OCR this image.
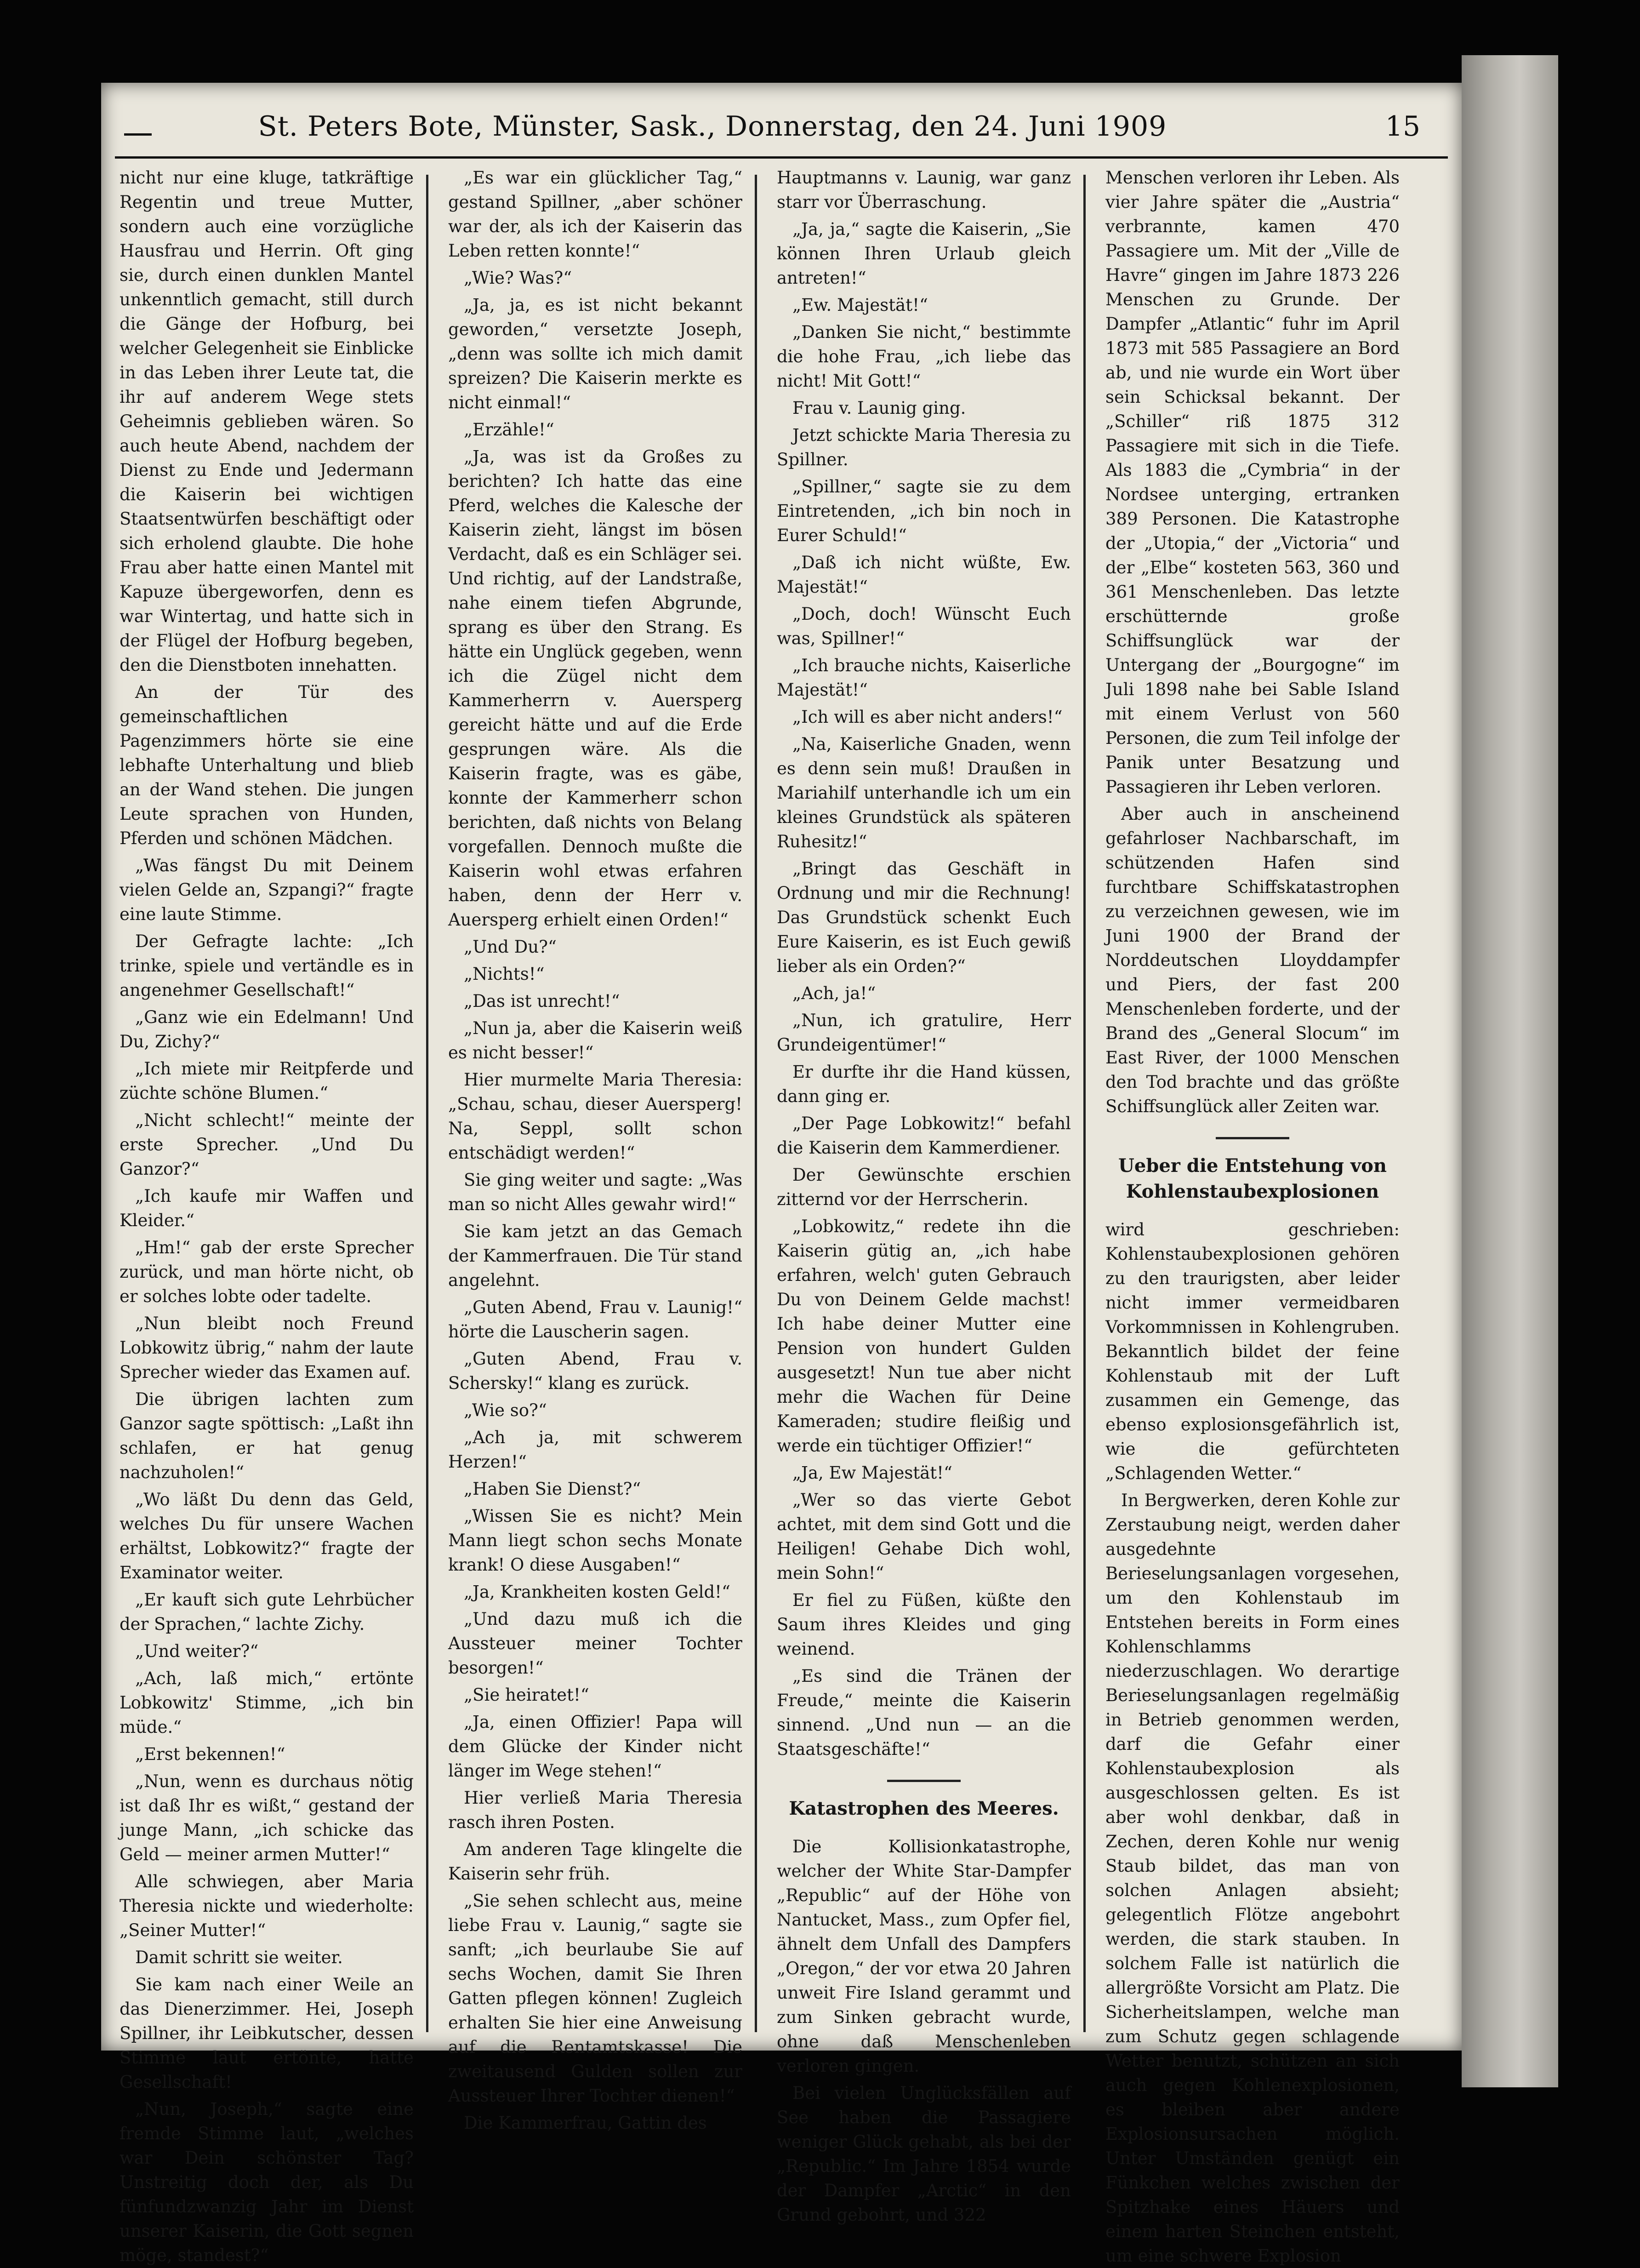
St. Peters Bote, Münster, Sask., Donnerstag, den 24. Juni 1909	15

nicht nur eine kluge, tatkräftige Regentin und treue Mutter, sondern auch eine vorzügliche Hausfrau und Herrin. Oft ging sie, durch einen dunklen Mantel unkenntlich gemacht, still durch die Gänge der Hofburg, bei welcher Gelegenheit sie Einblicke in das Leben ihrer Leute tat, die ihr auf anderem Wege stets Geheimnis geblieben wären. So auch heute Abend, nachdem der Dienst zu Ende und Jedermann die Kaiserin bei wichtigen Staatsentwürfen beschäftigt oder sich erholend glaubte. Die hohe Frau aber hatte einen Mantel mit Kapuze übergeworfen, denn es war Wintertag, und hatte sich in der Flügel der Hofburg begeben, den die Dienstboten innehatten.

An der Tür des gemeinschaftlichen Pagenzimmers hörte sie eine lebhafte Unterhaltung und blieb an der Wand stehen. Die jungen Leute sprachen von Hunden, Pferden und schönen Mädchen.

„Was fängst Du mit Deinem vielen Gelde an, Szpangi?“ fragte eine laute Stimme.

Der Gefragte lachte: „Ich trinke, spiele und vertändle es in angenehmer Gesellschaft!“

„Ganz wie ein Edelmann! Und Du, Zichy?“

„Ich miete mir Reitpferde und züchte schöne Blumen.“

„Nicht schlecht!“ meinte der erste Sprecher. „Und Du Ganzor?“

„Ich kaufe mir Waffen und Kleider.“

„Hm!“ gab der erste Sprecher zurück, und man hörte nicht, ob er solches lobte oder tadelte.

„Nun bleibt noch Freund Lobkowitz übrig,“ nahm der laute Sprecher wieder das Examen auf.

Die übrigen lachten zum Ganzor sagte spöttisch: „Laßt ihn schlafen, er hat genug nachzuholen!“

„Wo läßt Du denn das Geld, welches Du für unsere Wachen erhältst, Lobkowitz?“ fragte der Examinator weiter.

„Er kauft sich gute Lehrbücher der Sprachen,“ lachte Zichy.

„Und weiter?“

„Ach, laß mich,“ ertönte Lobkowitz' Stimme, „ich bin müde.“

„Erst bekennen!“

„Nun, wenn es durchaus nötig ist daß Ihr es wißt,“ gestand der junge Mann, „ich schicke das Geld — meiner armen Mutter!“

Alle schwiegen, aber Maria Theresia nickte und wiederholte: „Seiner Mutter!“

Damit schritt sie weiter.

Sie kam nach einer Weile an das Dienerzimmer. Hei, Joseph Spillner, ihr Leibkutscher, dessen Stimme laut ertönte, hatte Gesellschaft!

„Nun, Joseph,“ sagte eine fremde Stimme laut, „welches war Dein schönster Tag? Unstreitig doch der, als Du fünfundzwanzig Jahr im Dienst unserer Kaiserin, die Gott segnen möge, standest?“

„Es war ein glücklicher Tag,“ gestand Spillner, „aber schöner war der, als ich der Kaiserin das Leben retten konnte!“

„Wie? Was?“

„Ja, ja, es ist nicht bekannt geworden,“ versetzte Joseph, „denn was sollte ich mich damit spreizen? Die Kaiserin merkte es nicht einmal!“

„Erzähle!“

„Ja, was ist da Großes zu berichten? Ich hatte das eine Pferd, welches die Kalesche der Kaiserin zieht, längst im bösen Verdacht, daß es ein Schläger sei. Und richtig, auf der Landstraße, nahe einem tiefen Abgrunde, sprang es über den Strang. Es hätte ein Unglück gegeben, wenn ich die Zügel nicht dem Kammerherrn v. Auersperg gereicht hätte und auf die Erde gesprungen wäre. Als die Kaiserin fragte, was es gäbe, konnte der Kammerherr schon berichten, daß nichts von Belang vorgefallen. Dennoch mußte die Kaiserin wohl etwas erfahren haben, denn der Herr v. Auersperg erhielt einen Orden!“

„Und Du?“

„Nichts!“

„Das ist unrecht!“

„Nun ja, aber die Kaiserin weiß es nicht besser!“

Hier murmelte Maria Theresia: „Schau, schau, dieser Auersperg! Na, Seppl, sollt schon entschädigt werden!“

Sie ging weiter und sagte: „Was man so nicht Alles gewahr wird!“

Sie kam jetzt an das Gemach der Kammerfrauen. Die Tür stand angelehnt.

„Guten Abend, Frau v. Launig!“ hörte die Lauscherin sagen.

„Guten Abend, Frau v. Schersky!“ klang es zurück.

„Wie so?“

„Ach ja, mit schwerem Herzen!“

„Haben Sie Dienst?“

„Wissen Sie es nicht? Mein Mann liegt schon sechs Monate krank! O diese Ausgaben!“

„Ja, Krankheiten kosten Geld!“

„Und dazu muß ich die Aussteuer meiner Tochter besorgen!“

„Sie heiratet!“

„Ja, einen Offizier! Papa will dem Glücke der Kinder nicht länger im Wege stehen!“

Hier verließ Maria Theresia rasch ihren Posten.

Am anderen Tage klingelte die Kaiserin sehr früh.

„Sie sehen schlecht aus, meine liebe Frau v. Launig,“ sagte sie sanft; „ich beurlaube Sie auf sechs Wochen, damit Sie Ihren Gatten pflegen können! Zugleich erhalten Sie hier eine Anweisung auf die Rentamtskasse! Die zweitausend Gulden sollen zur Aussteuer Ihrer Tochter dienen!“

Die Kammerfrau, Gattin des

Hauptmanns v. Launig, war ganz starr vor Überraschung.

„Ja, ja,“ sagte die Kaiserin, „Sie können Ihren Urlaub gleich antreten!“

„Ew. Majestät!“

„Danken Sie nicht,“ bestimmte die hohe Frau, „ich liebe das nicht! Mit Gott!“

Frau v. Launig ging.

Jetzt schickte Maria Theresia zu Spillner.

„Spillner,“ sagte sie zu dem Eintretenden, „ich bin noch in Eurer Schuld!“

„Daß ich nicht wüßte, Ew. Majestät!“

„Doch, doch! Wünscht Euch was, Spillner!“

„Ich brauche nichts, Kaiserliche Majestät!“

„Ich will es aber nicht anders!“

„Na, Kaiserliche Gnaden, wenn es denn sein muß! Draußen in Mariahilf unterhandle ich um ein kleines Grundstück als späteren Ruhesitz!“

„Bringt das Geschäft in Ordnung und mir die Rechnung! Das Grundstück schenkt Euch Eure Kaiserin, es ist Euch gewiß lieber als ein Orden?“

„Ach, ja!“

„Nun, ich gratulire, Herr Grundeigentümer!“

Er durfte ihr die Hand küssen, dann ging er.

„Der Page Lobkowitz!“ befahl die Kaiserin dem Kammerdiener.

Der Gewünschte erschien zitternd vor der Herrscherin.

„Lobkowitz,“ redete ihn die Kaiserin gütig an, „ich habe erfahren, welch' guten Gebrauch Du von Deinem Gelde machst! Ich habe deiner Mutter eine Pension von hundert Gulden ausgesetzt! Nun tue aber nicht mehr die Wachen für Deine Kameraden; studire fleißig und werde ein tüchtiger Offizier!“

„Ja, Ew Majestät!“

„Wer so das vierte Gebot achtet, mit dem sind Gott und die Heiligen! Gehabe Dich wohl, mein Sohn!“

Er fiel zu Füßen, küßte den Saum ihres Kleides und ging weinend.

„Es sind die Tränen der Freude,“ meinte die Kaiserin sinnend. „Und nun — an die Staatsgeschäfte!“

Katastrophen des Meeres.

Die Kollisionkatastrophe, welcher der White Star-Dampfer „Republic“ auf der Höhe von Nantucket, Mass., zum Opfer fiel, ähnelt dem Unfall des Dampfers „Oregon,“ der vor etwa 20 Jahren unweit Fire Island gerammt und zum Sinken gebracht wurde, ohne daß Menschenleben verloren gingen.

Bei vielen Unglücksfällen auf See haben die Passagiere weniger Glück gehabt, als bei der „Republic.“ Im Jahre 1854 wurde der Dampfer „Arctic“ in den Grund gebohrt, und 322

Menschen verloren ihr Leben. Als vier Jahre später die „Austria“ verbrannte, kamen 470 Passagiere um. Mit der „Ville de Havre“ gingen im Jahre 1873 226 Menschen zu Grunde. Der Dampfer „Atlantic“ fuhr im April 1873 mit 585 Passagiere an Bord ab, und nie wurde ein Wort über sein Schicksal bekannt. Der „Schiller“ riß 1875 312 Passagiere mit sich in die Tiefe. Als 1883 die „Cymbria“ in der Nordsee unterging, ertranken 389 Personen. Die Katastrophe der „Utopia,“ der „Victoria“ und der „Elbe“ kosteten 563, 360 und 361 Menschenleben. Das letzte erschütternde große Schiffsunglück war der Untergang der „Bourgogne“ im Juli 1898 nahe bei Sable Island mit einem Verlust von 560 Personen, die zum Teil infolge der Panik unter Besatzung und Passagieren ihr Leben verloren.

Aber auch in anscheinend gefahrloser Nachbarschaft, im schützenden Hafen sind furchtbare Schiffskatastrophen zu verzeichnen gewesen, wie im Juni 1900 der Brand der Norddeutschen Lloyddampfer und Piers, der fast 200 Menschenleben forderte, und der Brand des „General Slocum“ im East River, der 1000 Menschen den Tod brachte und das größte Schiffsunglück aller Zeiten war.

Ueber die Entstehung von Kohlenstaubexplosionen

wird geschrieben: Kohlenstaubexplosionen gehören zu den traurigsten, aber leider nicht immer vermeidbaren Vorkommnissen in Kohlengruben. Bekanntlich bildet der feine Kohlenstaub mit der Luft zusammen ein Gemenge, das ebenso explosionsgefährlich ist, wie die gefürchteten „Schlagenden Wetter.“

In Bergwerken, deren Kohle zur Zerstaubung neigt, werden daher ausgedehnte Berieselungsanlagen vorgesehen, um den Kohlenstaub im Entstehen bereits in Form eines Kohlenschlamms niederzuschlagen. Wo derartige Berieselungsanlagen regelmäßig in Betrieb genommen werden, darf die Gefahr einer Kohlenstaubexplosion als ausgeschlossen gelten. Es ist aber wohl denkbar, daß in Zechen, deren Kohle nur wenig Staub bildet, das man von solchen Anlagen absieht; gelegentlich Flötze angebohrt werden, die stark stauben. In solchem Falle ist natürlich die allergrößte Vorsicht am Platz. Die Sicherheitslampen, welche man zum Schutz gegen schlagende Wetter benutzt, schützen an sich auch gegen Kohlenexplosionen, es bleiben aber andere Explosionsursachen möglich. Unter Umständen genügt ein Fünkchen welches zwischen der Spitzhake eines Häuers und einem harten Steinchen entsteht, um eine schwere Explosion
